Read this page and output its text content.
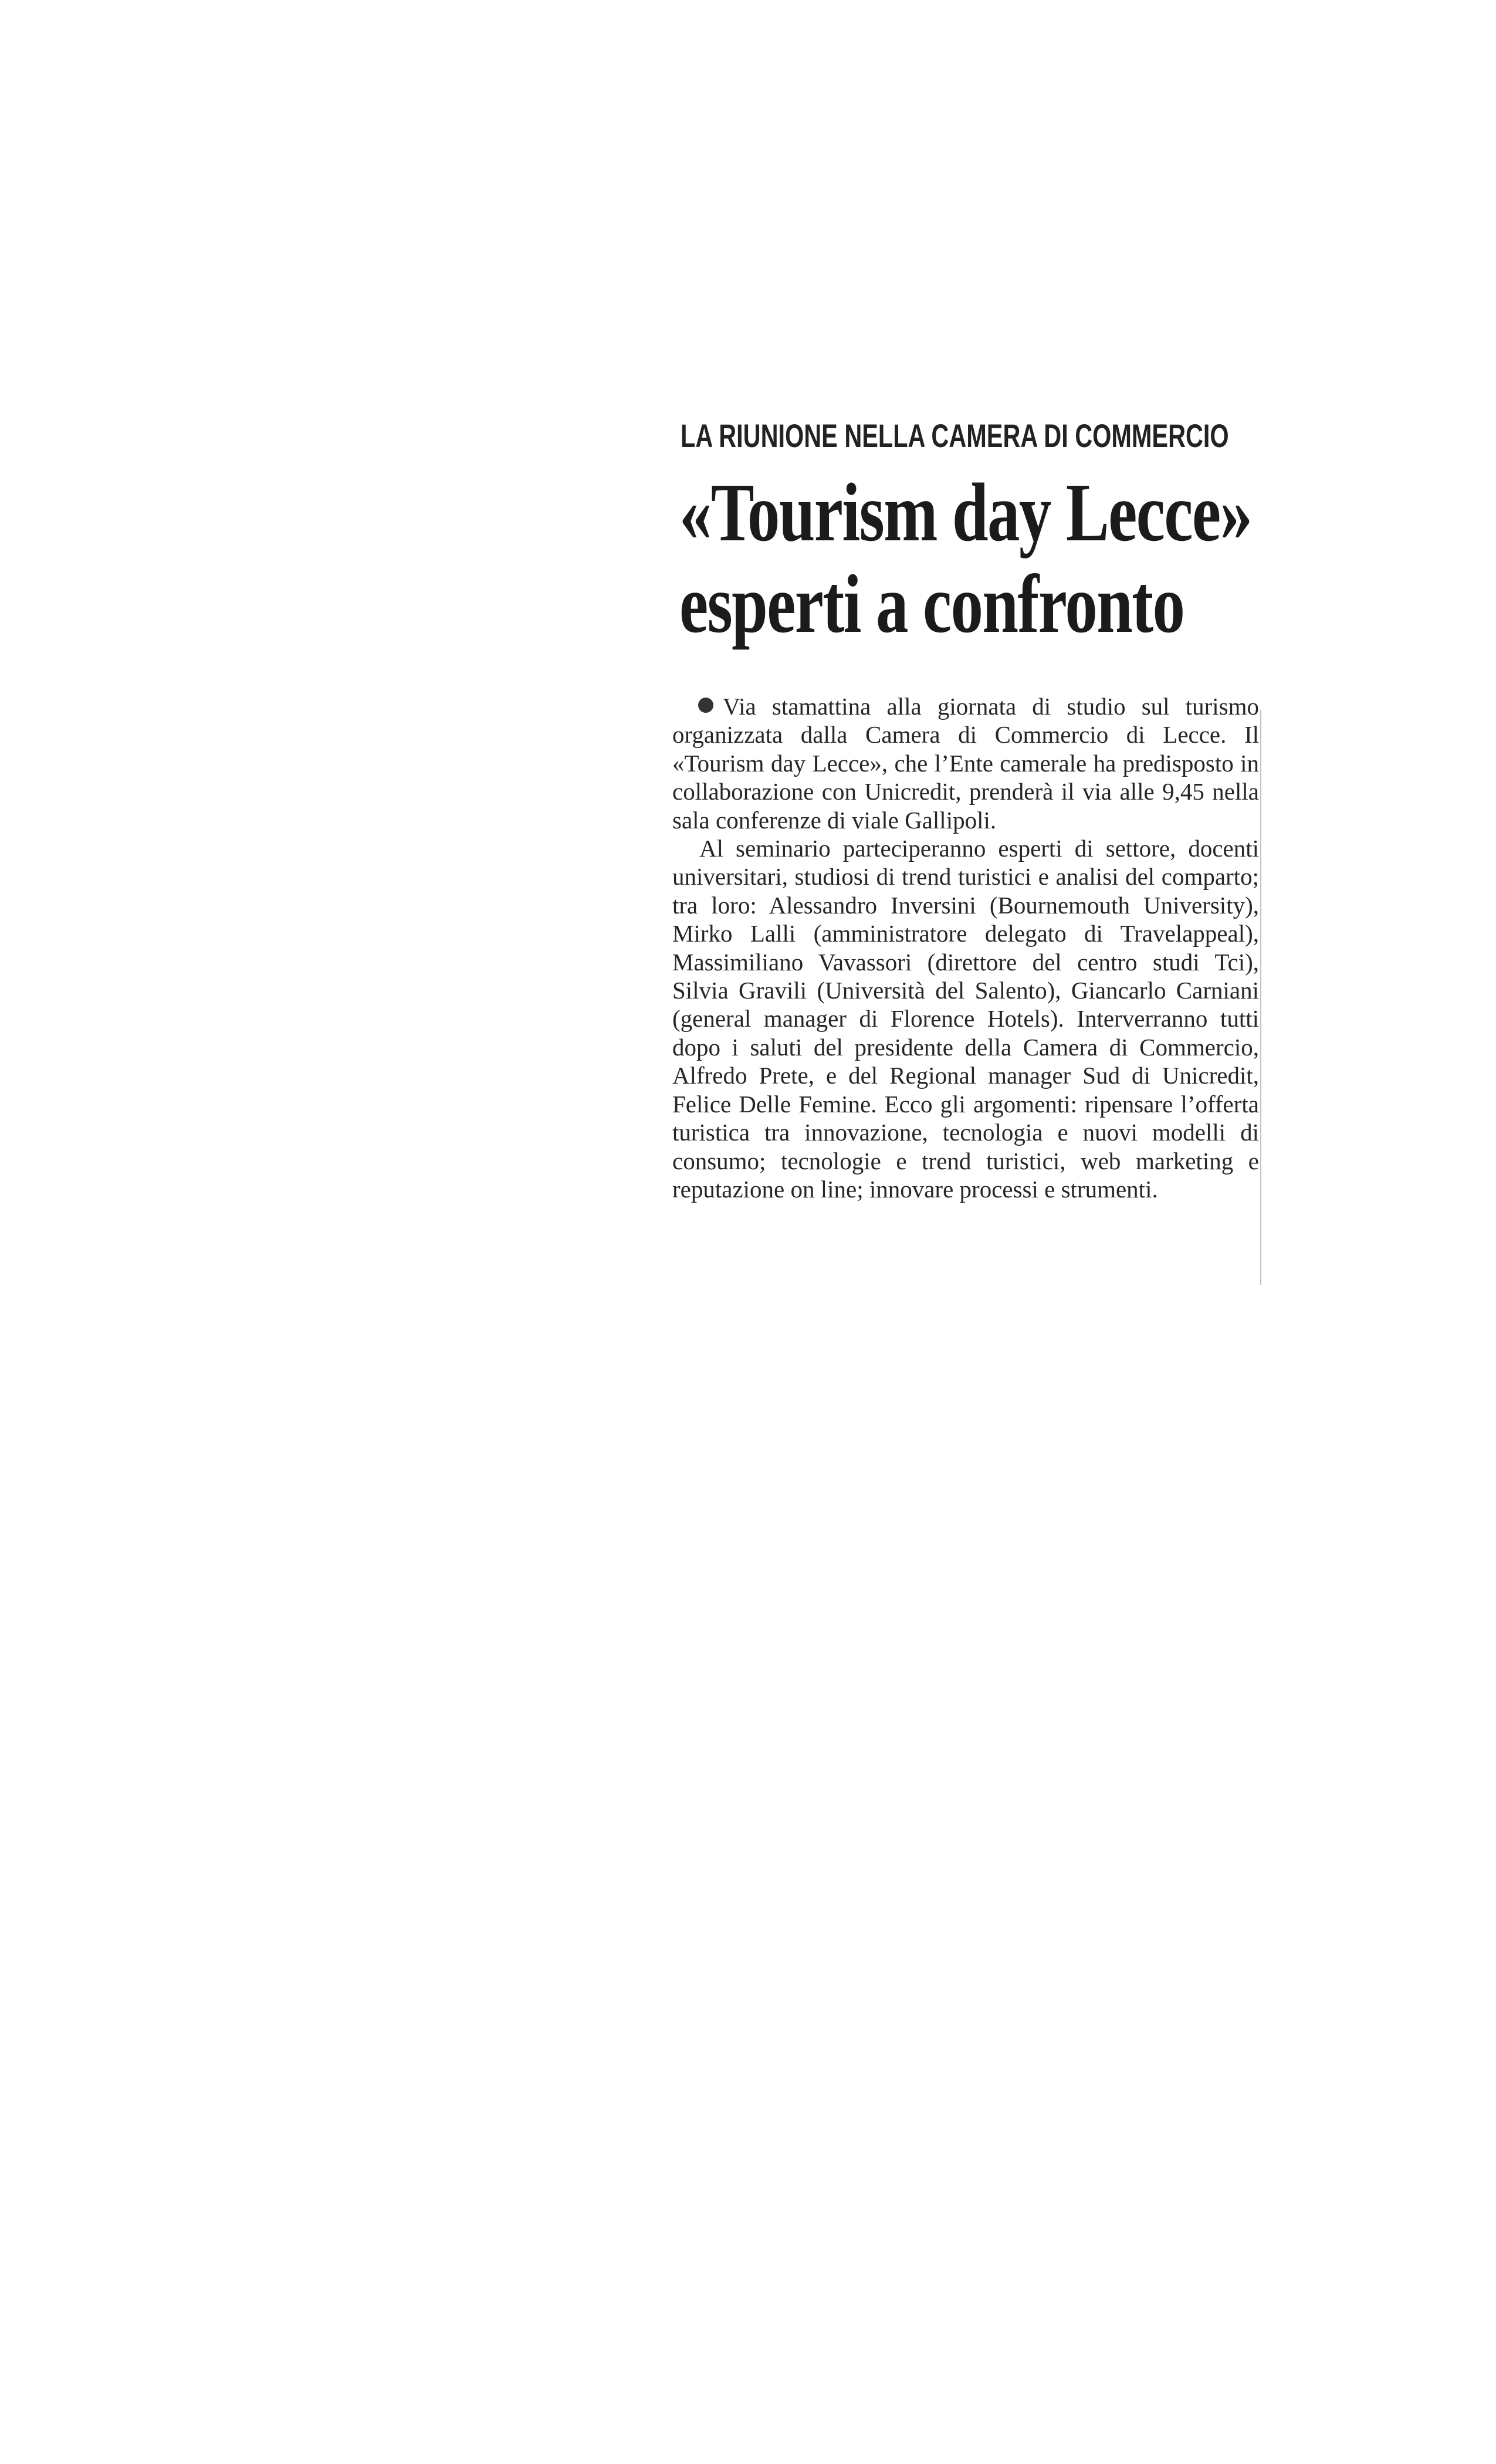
LA RIUNIONE NELLA CAMERA DI COMMERCIO
«Tourism day Lecce»
esperti a confronto

Via stamattina alla giornata di studio sul turismo organizzata dalla Camera di Commercio di Lecce. Il «Tourism day Lecce», che l’Ente camerale ha predisposto in collaborazione con Unicredit, prenderà il via alle 9,45 nella sala conferenze di viale Gallipoli.

Al seminario parteciperanno esperti di settore, docenti universitari, studiosi di trend turistici e analisi del comparto; tra loro: Alessandro Inversini (Bournemouth University), Mirko Lalli (amministratore delegato di Travelappeal), Massimiliano Vavassori (direttore del centro studi Tci), Silvia Gravili (Università del Salento), Giancarlo Carniani (general manager di Florence Hotels). Interverranno tutti dopo i saluti del presidente della Camera di Commercio, Alfredo Prete, e del Regional manager Sud di Unicredit, Felice Delle Femine. Ecco gli argomenti: ripensare l’offerta turistica tra innovazione, tecnologia e nuovi modelli di consumo; tecnologie e trend turistici, web marketing e reputazione on line; innovare processi e strumenti.
